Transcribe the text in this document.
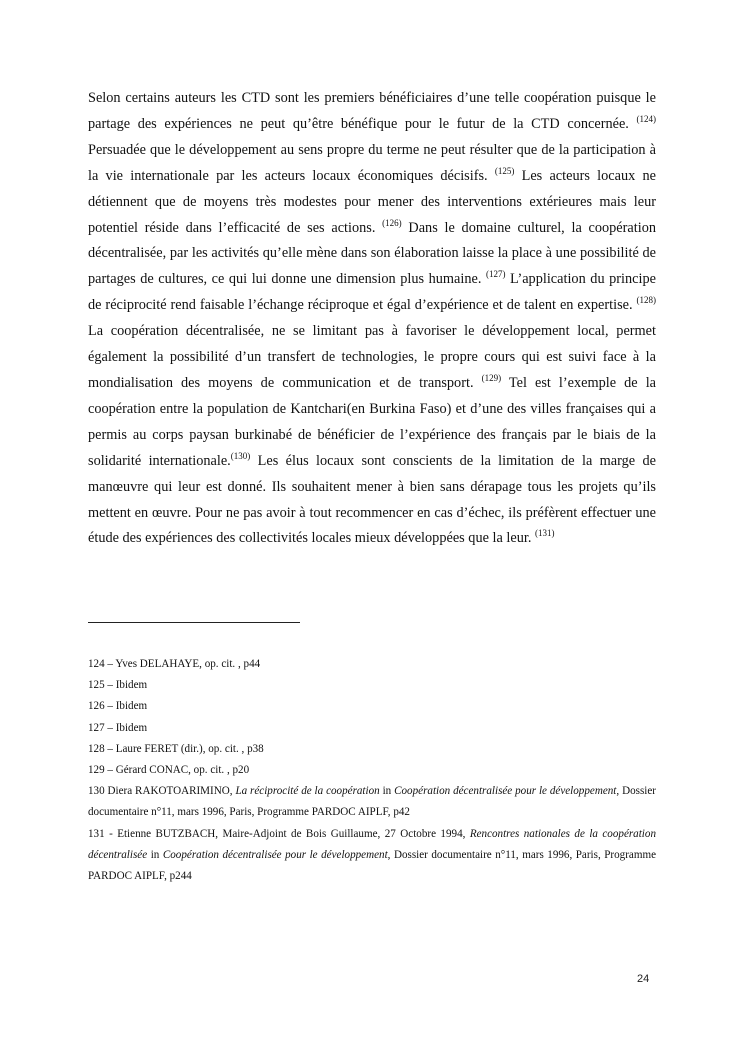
Selon certains auteurs les CTD sont les premiers bénéficiaires d’une telle coopération puisque le partage des expériences ne peut qu’être bénéfique pour le futur de la CTD concernée. $^{(124)}$ Persuadée que le développement au sens propre du terme ne peut résulter que de la participation à la vie internationale par les acteurs locaux économiques décisifs. $^{(125)}$ Les acteurs locaux ne détiennent que de moyens très modestes pour mener des interventions extérieures mais leur potentiel réside dans l’efficacité de ses actions. $^{(126)}$ Dans le domaine culturel, la coopération décentralisée, par les activités qu’elle mène dans son élaboration laisse la place à une possibilité de partages de cultures, ce qui lui donne une dimension plus humaine. $^{(127)}$ L’application du principe de réciprocité rend faisable l’échange réciproque et égal d’expérience et de talent en expertise. $^{(128)}$ La coopération décentralisée, ne se limitant pas à favoriser le développement local, permet également la possibilité d’un transfert de technologies, le propre cours qui est suivi face à la mondialisation des moyens de communication et de transport. $^{(129)}$ Tel est l’exemple de la coopération entre la population de Kantchari(en Burkina Faso) et d’une des villes françaises qui a permis au corps paysan burkinabé de bénéficier de l’expérience des français par le biais de la solidarité internationale.$^{(130)}$ Les élus locaux sont conscients de la limitation de la marge de manœuvre qui leur est donné. Ils souhaitent mener à bien sans dérapage tous les projets qu’ils mettent en œuvre. Pour ne pas avoir à tout recommencer en cas d’échec, ils préfèrent effectuer une étude des expériences des collectivités locales mieux développées que la leur. $^{(131)}$

124 – Yves DELAHAYE, op. cit. , p44

125 – Ibidem

126 – Ibidem

127 – Ibidem

128 – Laure FERET (dir.), op. cit. , p38

129 – Gérard CONAC, op. cit. , p20

130 Diera RAKOTOARIMINO, La réciprocité de la coopération in Coopération décentralisée pour le développement, Dossier documentaire n°11, mars 1996, Paris, Programme PARDOC AIPLF, p42

131 - Etienne BUTZBACH, Maire-Adjoint de Bois Guillaume, 27 Octobre 1994, Rencontres nationales de la coopération décentralisée in Coopération décentralisée pour le développement, Dossier documentaire n°11, mars 1996, Paris, Programme PARDOC AIPLF, p244

24
